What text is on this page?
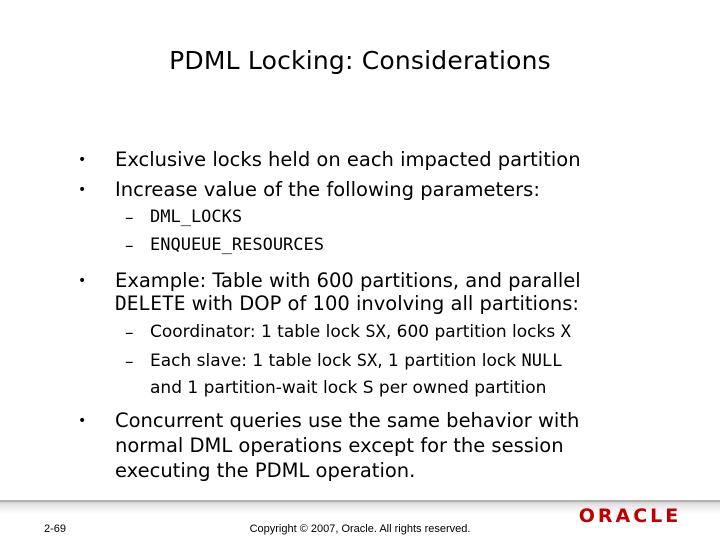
PDML Locking: Considerations
• Exclusive locks held on each impacted partition
• Increase value of the following parameters:
– DML_LOCKS
– ENQUEUE_RESOURCES
• Example: Table with 600 partitions, and parallel
DELETE with DOP of 100 involving all partitions:
– Coordinator: 1 table lock SX, 600 partition locks X
– Each slave: 1 table lock SX, 1 partition lock NULL
and 1 partition-wait lock S per owned partition
• Concurrent queries use the same behavior with
normal DML operations except for the session
executing the PDML operation.
ORACLE
2-69	Copyright © 2007, Oracle. All rights reserved.
